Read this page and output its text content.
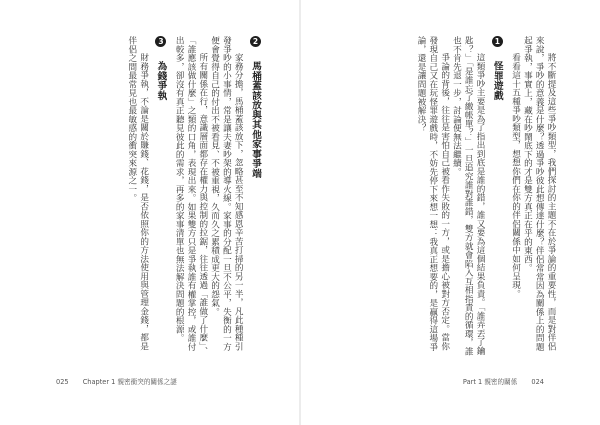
2 馬桶蓋該放與其他家事爭端

家務分擔，馬桶蓋該放下，忽略甚至不知感恩辛苦打掃的另一半，凡此種種引發爭吵的小事情，常是讓夫妻吵架的導火線。家事的分配一旦不公平，失衡的一方便會覺得自己的付出不被看見、不被重視，久而久之累積成更大的怨氣。

所有關係在行，意識層面都存在權力與控制的拉鋸，往往透過「誰做了什麼」、「誰應該做什麼」之類的口角，表現出來。如果雙方只是爭執誰有權掌控，或誰付出較多，卻沒有真正聽見彼此的需求，再多的家事清單也無法解決問題的根源。

3 為錢爭執

財務爭執，不論是關於賺錢、花錢，是否依照你的方法使用與管理金錢，都是伴侶之間最常見也最敏感的衝突來源之一。

025 Chapter 1 親密衝突的關係之謎	Part 1 親密的關係 024

將不斷提及這些爭吵類型，我們探討的主題不在於爭論的重要性，而是對伴侶來說，爭吵的意義是什麼？透過爭吵彼此想傳達什麼？伴侶常常因為關係上的問題起爭執，事實上，藏在吵鬧底下的才是雙方真正在乎的東西。

看看這十五種爭吵類型，想想你們在你的伴侶關係中如何呈現。

1 怪罪遊戲

這類爭吵主要是為了指出到底是誰的錯，誰又要為這個結果負責。「誰弄丟了鑰匙？」「是誰忘了繳帳單？」一旦追究誰對誰錯，雙方就會陷入互相指責的循環，誰也不肯先退一步，討論便無法繼續。

爭論的背後，往往是害怕自己被看作失敗的一方，或是擔心被對方否定。當你發現自己又在玩怪罪遊戲時，不妨先停下來想一想：我真正想要的，是贏得這場爭論，還是讓問題被解決？
